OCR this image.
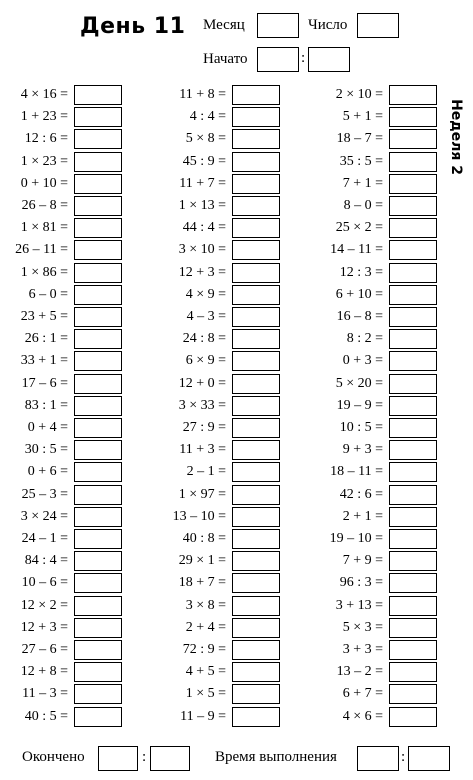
День 11 Месяц	Число
Начато	:
Неделя 2
4 × 16 =
1 + 23 =
12 : 6 =
1 × 23 =
0 + 10 =
26 – 8 =
1 × 81 =
26 – 11 =
1 × 86 =
6 – 0 =
23 + 5 =
26 : 1 =
33 + 1 =
17 – 6 =
83 : 1 =
0 + 4 =
30 : 5 =
0 + 6 =
25 – 3 =
3 × 24 =
24 – 1 =
84 : 4 =
10 – 6 =
12 × 2 =
12 + 3 =
27 – 6 =
12 + 8 =
11 – 3 =
40 : 5 =
11 + 8 =
4 : 4 =
5 × 8 =
45 : 9 =
11 + 7 =
1 × 13 =
44 : 4 =
3 × 10 =
12 + 3 =
4 × 9 =
4 – 3 =
24 : 8 =
6 × 9 =
12 + 0 =
3 × 33 =
27 : 9 =
11 + 3 =
2 – 1 =
1 × 97 =
13 – 10 =
40 : 8 =
29 × 1 =
18 + 7 =
3 × 8 =
2 + 4 =
72 : 9 =
4 + 5 =
1 × 5 =
11 – 9 =
2 × 10 =
5 + 1 =
18 – 7 =
35 : 5 =
7 + 1 =
8 – 0 =
25 × 2 =
14 – 11 =
12 : 3 =
6 + 10 =
16 – 8 =
8 : 2 =
0 + 3 =
5 × 20 =
19 – 9 =
10 : 5 =
9 + 3 =
18 – 11 =
42 : 6 =
2 + 1 =
19 – 10 =
7 + 9 =
96 : 3 =
3 + 13 =
5 × 3 =
3 + 3 =
13 – 2 =
6 + 7 =
4 × 6 =
Окончено	:	Время выполнения	:
